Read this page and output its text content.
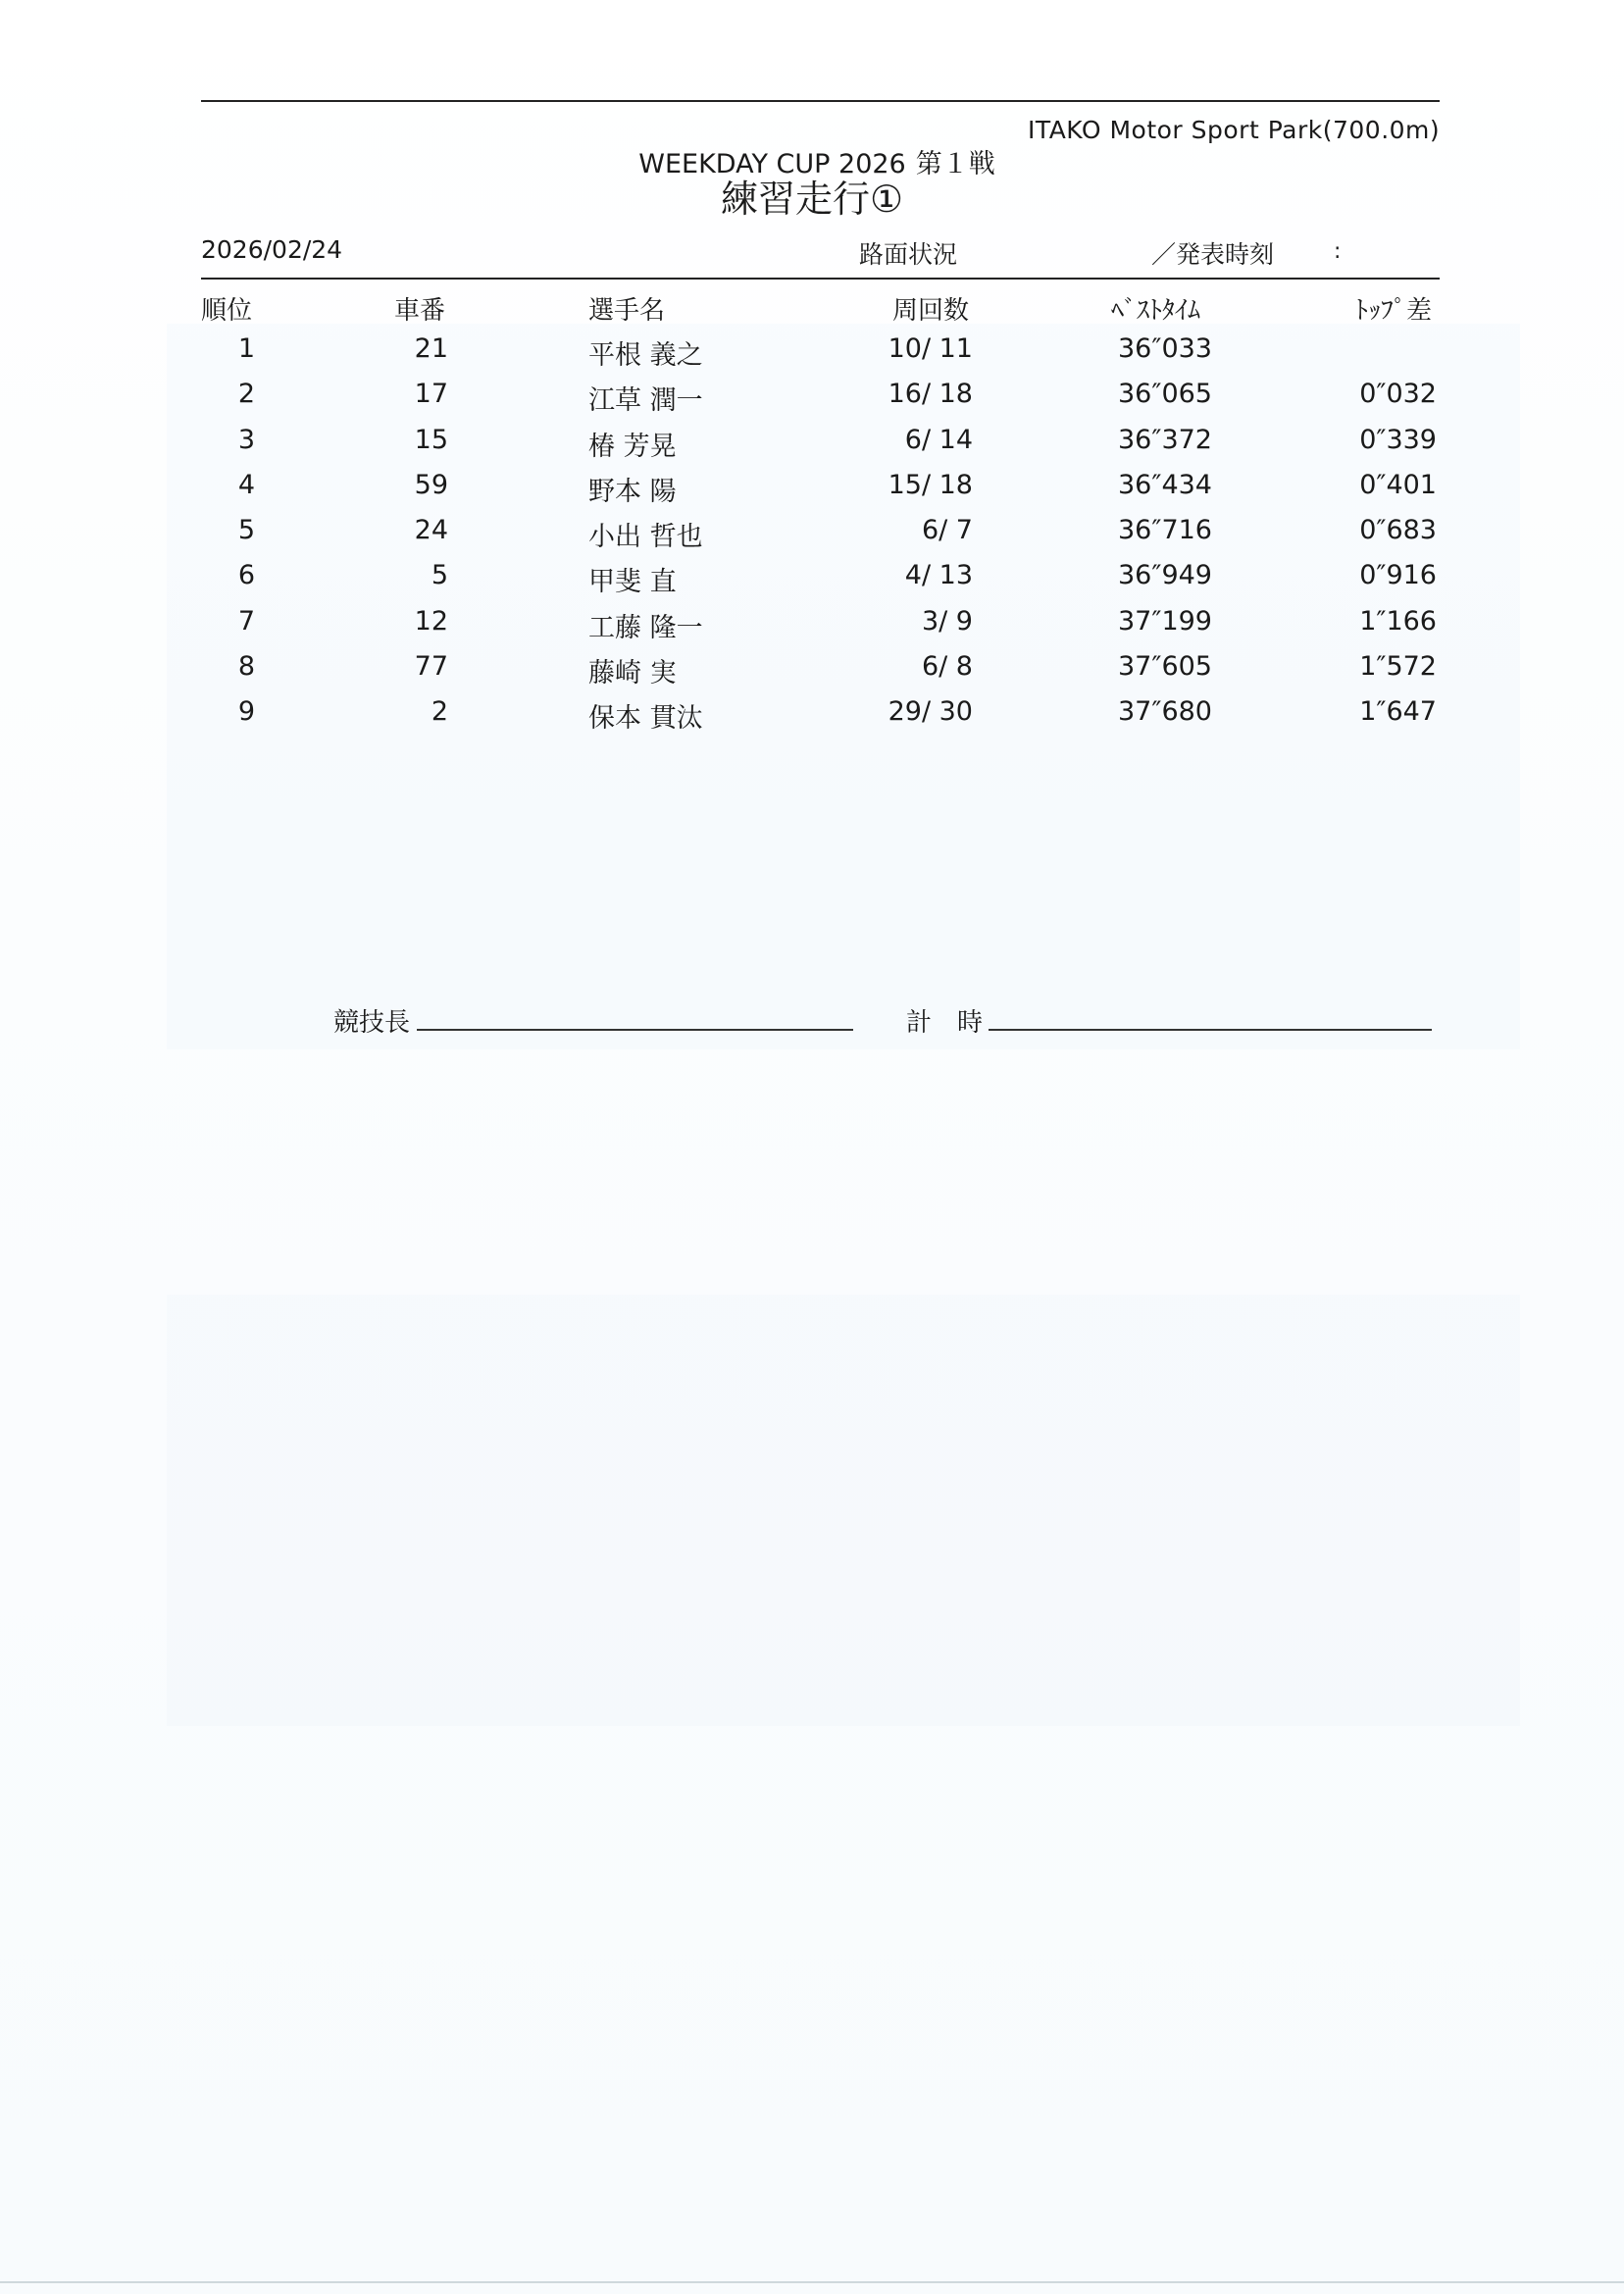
ITAKO Motor Sport Park(700.0m)
WEEKDAY CUP 2026 第１戦
練習走行①
2026/02/24	路面状況	／発表時刻	:
順位	車番	選手名	周回数	ﾍﾞｽﾄﾀｲﾑ	ﾄｯﾌﾟ差
1	21	平根 義之	10/ 11	36″033
2	17	江草 潤一	16/ 18	36″065	0″032
3	15	椿 芳晃	6/ 14	36″372	0″339
4	59	野本 陽	15/ 18	36″434	0″401
5	24	小出 哲也	6/ 7	36″716	0″683
6	5	甲斐 直	4/ 13	36″949	0″916
7	12	工藤 隆一	3/ 9	37″199	1″166
8	77	藤崎 実	6/ 8	37″605	1″572
9	2	保本 貫汰	29/ 30	37″680	1″647
競技長	計　時
